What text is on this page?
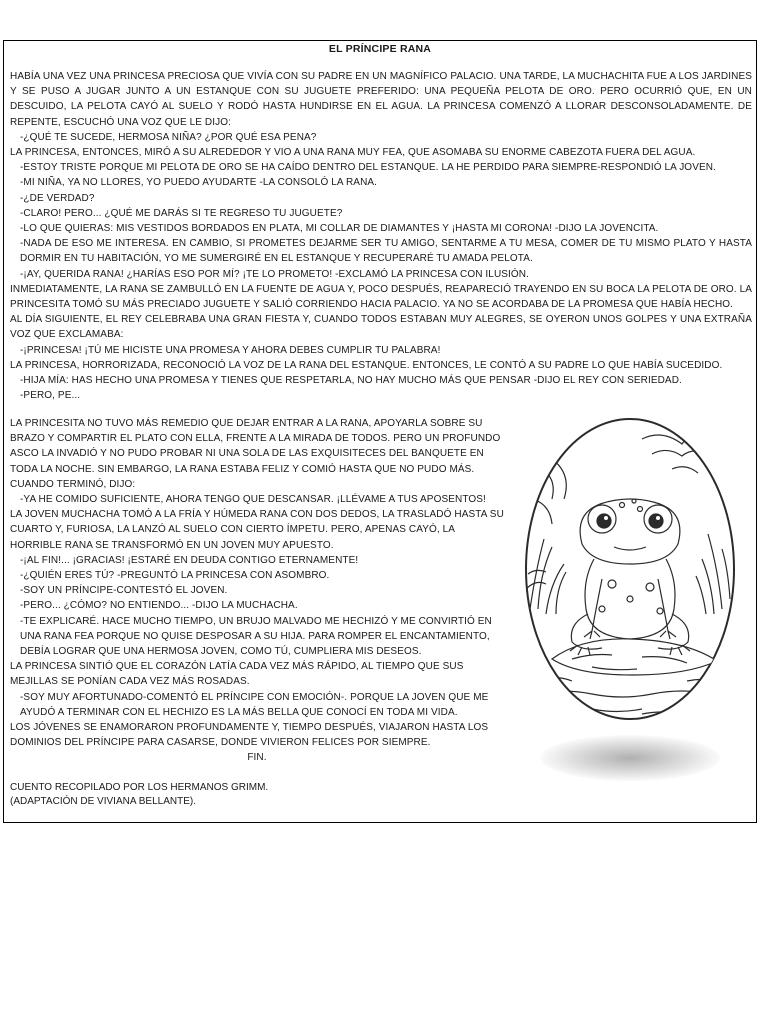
EL PRÍNCIPE RANA

HABÍA UNA VEZ UNA PRINCESA PRECIOSA QUE VIVÍA CON SU PADRE EN UN MAGNÍFICO PALACIO. UNA TARDE, LA MUCHACHITA FUE A LOS JARDINES Y SE PUSO A JUGAR JUNTO A UN ESTANQUE CON SU JUGUETE PREFERIDO: UNA PEQUEÑA PELOTA DE ORO. PERO OCURRIÓ QUE, EN UN DESCUIDO, LA PELOTA CAYÓ AL SUELO Y RODÓ HASTA HUNDIRSE EN EL AGUA. LA PRINCESA COMENZÓ A LLORAR DESCONSOLADAMENTE. DE REPENTE, ESCUCHÓ UNA VOZ QUE LE DIJO:

-¿QUÉ TE SUCEDE, HERMOSA NIÑA? ¿POR QUÉ ESA PENA?

LA PRINCESA, ENTONCES, MIRÓ A SU ALREDEDOR Y VIO A UNA RANA MUY FEA, QUE ASOMABA SU ENORME CABEZOTA FUERA DEL AGUA.

-ESTOY TRISTE PORQUE MI PELOTA DE ORO SE HA CAÍDO DENTRO DEL ESTANQUE. LA HE PERDIDO PARA SIEMPRE-RESPONDIÓ LA JOVEN.

-MI NIÑA, YA NO LLORES, YO PUEDO AYUDARTE -LA CONSOLÓ LA RANA.

-¿DE VERDAD?

-CLARO! PERO... ¿QUÉ ME DARÁS SI TE REGRESO TU JUGUETE?

-LO QUE QUIERAS: MIS VESTIDOS BORDADOS EN PLATA, MI COLLAR DE DIAMANTES Y ¡HASTA MI CORONA! -DIJO LA JOVENCITA.

-NADA DE ESO ME INTERESA. EN CAMBIO, SI PROMETES DEJARME SER TU AMIGO, SENTARME A TU MESA, COMER DE TU MISMO PLATO Y HASTA DORMIR EN TU HABITACIÓN, YO ME SUMERGIRÉ EN EL ESTANQUE Y RECUPERARÉ TU AMADA PELOTA.

-¡AY, QUERIDA RANA! ¿HARÍAS ESO POR MÍ? ¡TE LO PROMETO! -EXCLAMÓ LA PRINCESA CON ILUSIÓN.

INMEDIATAMENTE, LA RANA SE ZAMBULLÓ EN LA FUENTE DE AGUA Y, POCO DESPUÉS, REAPARECIÓ TRAYENDO EN SU BOCA LA PELOTA DE ORO. LA PRINCESITA TOMÓ SU MÁS PRECIADO JUGUETE Y SALIÓ CORRIENDO HACIA PALACIO. YA NO SE ACORDABA DE LA PROMESA QUE HABÍA HECHO.

AL DÍA SIGUIENTE, EL REY CELEBRABA UNA GRAN FIESTA Y, CUANDO TODOS ESTABAN MUY ALEGRES, SE OYERON UNOS GOLPES Y UNA EXTRAÑA VOZ QUE EXCLAMABA:

-¡PRINCESA! ¡TÚ ME HICISTE UNA PROMESA Y AHORA DEBES CUMPLIR TU PALABRA!

LA PRINCESA, HORRORIZADA, RECONOCIÓ LA VOZ DE LA RANA DEL ESTANQUE. ENTONCES, LE CONTÓ A SU PADRE LO QUE HABÍA SUCEDIDO.

-HIJA MÍA: HAS HECHO UNA PROMESA Y TIENES QUE RESPETARLA, NO HAY MUCHO MÁS QUE PENSAR -DIJO EL REY CON SERIEDAD.

-PERO, PE...

LA PRINCESITA NO TUVO MÁS REMEDIO QUE DEJAR ENTRAR A LA RANA, APOYARLA SOBRE SU BRAZO Y COMPARTIR EL PLATO CON ELLA, FRENTE A LA MIRADA DE TODOS. PERO UN PROFUNDO ASCO LA INVADIÓ Y NO PUDO PROBAR NI UNA SOLA DE LAS EXQUISITECES DEL BANQUETE EN TODA LA NOCHE. SIN EMBARGO, LA RANA ESTABA FELIZ Y COMIÓ HASTA QUE NO PUDO MÁS. CUANDO TERMINÓ, DIJO:

-YA HE COMIDO SUFICIENTE, AHORA TENGO QUE DESCANSAR. ¡LLÉVAME A TUS APOSENTOS!

LA JOVEN MUCHACHA TOMÓ A LA FRÍA Y HÚMEDA RANA CON DOS DEDOS, LA TRASLADÓ HASTA SU CUARTO Y, FURIOSA, LA LANZÓ AL SUELO CON CIERTO ÍMPETU. PERO, APENAS CAYÓ, LA HORRIBLE RANA SE TRANSFORMÓ EN UN JOVEN MUY APUESTO.

-¡AL FIN!... ¡GRACIAS! ¡ESTARÉ EN DEUDA CONTIGO ETERNAMENTE!

-¿QUIÉN ERES TÚ? -PREGUNTÓ LA PRINCESA CON ASOMBRO.

-SOY UN PRÍNCIPE-CONTESTÓ EL JOVEN.

-PERO... ¿CÓMO? NO ENTIENDO... -DIJO LA MUCHACHA.

-TE EXPLICARÉ. HACE MUCHO TIEMPO, UN BRUJO MALVADO ME HECHIZÓ Y ME CONVIRTIÓ EN UNA RANA FEA PORQUE NO QUISE DESPOSAR A SU HIJA. PARA ROMPER EL ENCANTAMIENTO, DEBÍA LOGRAR QUE UNA HERMOSA JOVEN, COMO TÚ, CUMPLIERA MIS DESEOS.

LA PRINCESA SINTIÓ QUE EL CORAZÓN LATÍA CADA VEZ MÁS RÁPIDO, AL TIEMPO QUE SUS MEJILLAS SE PONÍAN CADA VEZ MÁS ROSADAS.

-SOY MUY AFORTUNADO-COMENTÓ EL PRÍNCIPE CON EMOCIÓN-. PORQUE LA JOVEN QUE ME AYUDÓ A TERMINAR CON EL HECHIZO ES LA MÁS BELLA QUE CONOCÍ EN TODA MI VIDA.

LOS JÓVENES SE ENAMORARON PROFUNDAMENTE Y, TIEMPO DESPUÉS, VIAJARON HASTA LOS DOMINIOS DEL PRÍNCIPE PARA CASARSE, DONDE VIVIERON FELICES POR SIEMPRE.

FIN.

CUENTO RECOPILADO POR LOS HERMANOS GRIMM.

(ADAPTACIÓN DE VIVIANA BELLANTE).
